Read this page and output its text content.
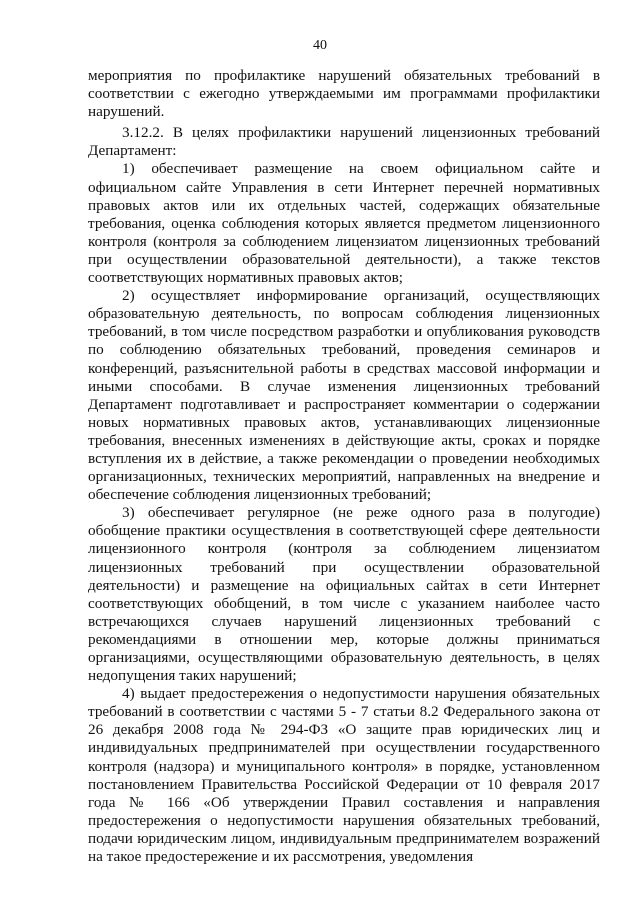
40

мероприятия по профилактике нарушений обязательных требований в соответствии с ежегодно утверждаемыми им программами профилактики нарушений.

3.12.2. В целях профилактики нарушений лицензионных требований Департамент:

1) обеспечивает размещение на своем официальном сайте и официальном сайте Управления в сети Интернет перечней нормативных правовых актов или их отдельных частей, содержащих обязательные требования, оценка соблюдения которых является предметом лицензионного контроля (контроля за соблюдением лицензиатом лицензионных требований при осуществлении образовательной деятельности), а также текстов соответствующих нормативных правовых актов;

2) осуществляет информирование организаций, осуществляющих образовательную деятельность, по вопросам соблюдения лицензионных требований, в том числе посредством разработки и опубликования руководств по соблюдению обязательных требований, проведения семинаров и конференций, разъяснительной работы в средствах массовой информации и иными способами. В случае изменения лицензионных требований Департамент подготавливает и распространяет комментарии о содержании новых нормативных правовых актов, устанавливающих лицензионные требования, внесенных изменениях в действующие акты, сроках и порядке вступления их в действие, а также рекомендации о проведении необходимых организационных, технических мероприятий, направленных на внедрение и обеспечение соблюдения лицензионных требований;

3) обеспечивает регулярное (не реже одного раза в полугодие) обобщение практики осуществления в соответствующей сфере деятельности лицензионного контроля (контроля за соблюдением лицензиатом лицензионных требований при осуществлении образовательной деятельности) и размещение на официальных сайтах в сети Интернет соответствующих обобщений, в том числе с указанием наиболее часто встречающихся случаев нарушений лицензионных требований с рекомендациями в отношении мер, которые должны приниматься организациями, осуществляющими образовательную деятельность, в целях недопущения таких нарушений;

4) выдает предостережения о недопустимости нарушения обязательных требований в соответствии с частями 5 - 7 статьи 8.2 Федерального закона от 26 декабря 2008 года № 294-ФЗ «О защите прав юридических лиц и индивидуальных предпринимателей при осуществлении государственного контроля (надзора) и муниципального контроля» в порядке, установленном постановлением Правительства Российской Федерации от 10 февраля 2017 года № 166 «Об утверждении Правил составления и направления предостережения о недопустимости нарушения обязательных требований, подачи юридическим лицом, индивидуальным предпринимателем возражений на такое предостережение и их рассмотрения, уведомления
